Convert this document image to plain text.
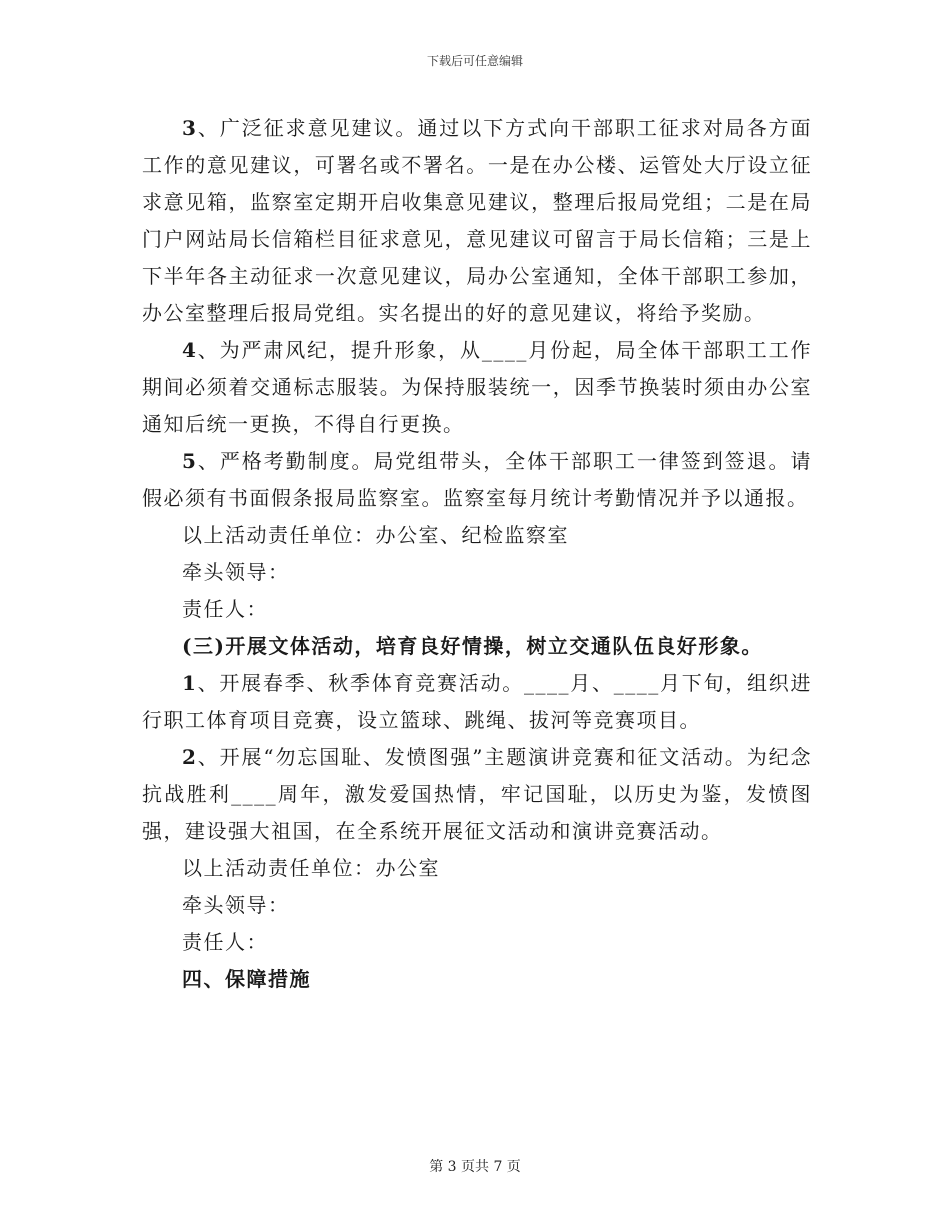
下载后可任意编辑

3、广泛征求意见建议。通过以下方式向干部职工征求对局各方面工作的意见建议，可署名或不署名。一是在办公楼、运管处大厅设立征求意见箱，监察室定期开启收集意见建议，整理后报局党组；二是在局门户网站局长信箱栏目征求意见，意见建议可留言于局长信箱；三是上下半年各主动征求一次意见建议，局办公室通知，全体干部职工参加，办公室整理后报局党组。实名提出的好的意见建议，将给予奖励。

4、为严肃风纪，提升形象，从____月份起，局全体干部职工工作期间必须着交通标志服装。为保持服装统一，因季节换装时须由办公室通知后统一更换，不得自行更换。

5、严格考勤制度。局党组带头，全体干部职工一律签到签退。请假必须有书面假条报局监察室。监察室每月统计考勤情况并予以通报。

以上活动责任单位：办公室、纪检监察室

牵头领导：

责任人：

(三)开展文体活动，培育良好情操，树立交通队伍良好形象。

1、开展春季、秋季体育竞赛活动。____月、____月下旬，组织进行职工体育项目竞赛，设立篮球、跳绳、拔河等竞赛项目。

2、开展“勿忘国耻、发愤图强”主题演讲竞赛和征文活动。为纪念抗战胜利____周年，激发爱国热情，牢记国耻，以历史为鉴，发愤图强，建设强大祖国，在全系统开展征文活动和演讲竞赛活动。

以上活动责任单位：办公室

牵头领导：

责任人：

四、保障措施

第 3 页共 7 页
